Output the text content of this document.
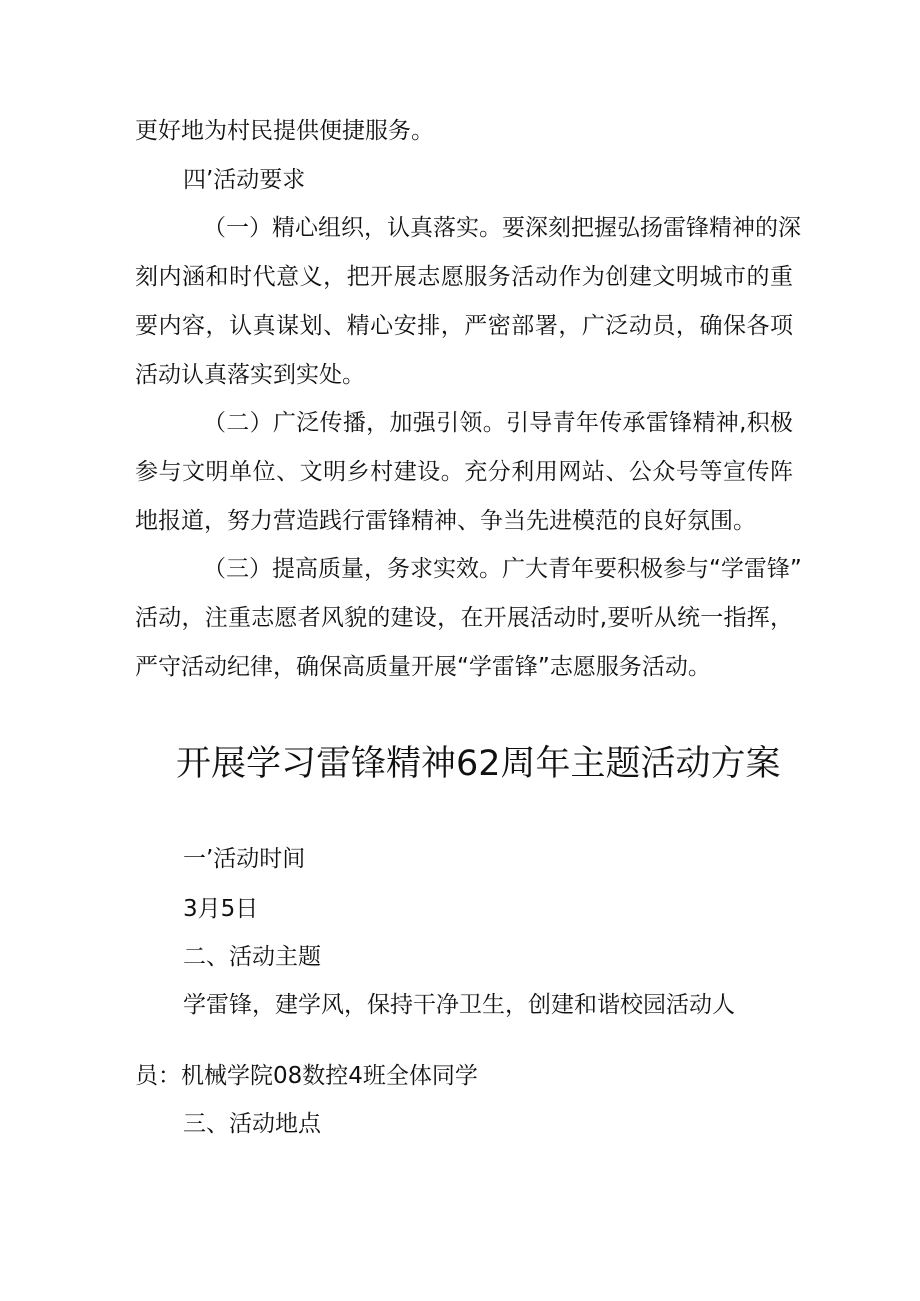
更好地为村民提供便捷服务。
四’活动要求
（一）精心组织，认真落实。要深刻把握弘扬雷锋精神的深
刻内涵和时代意义，把开展志愿服务活动作为创建文明城市的重
要内容，认真谋划、精心安排，严密部署，广泛动员，确保各项
活动认真落实到实处。
（二）广泛传播，加强引领。引导青年传承雷锋精神,积极
参与文明单位、文明乡村建设。充分利用网站、公众号等宣传阵
地报道，努力营造践行雷锋精神、争当先进模范的良好氛围。
（三）提高质量，务求实效。广大青年要积极参与“学雷锋”
活动，注重志愿者风貌的建设，在开展活动时,要听从统一指挥，
严守活动纪律，确保高质量开展“学雷锋”志愿服务活动。
开展学习雷锋精神62周年主题活动方案
一’活动时间
3月5日
二、活动主题
学雷锋，建学风，保持干净卫生，创建和谐校园活动人
员：机械学院08数控4班全体同学
三、活动地点
